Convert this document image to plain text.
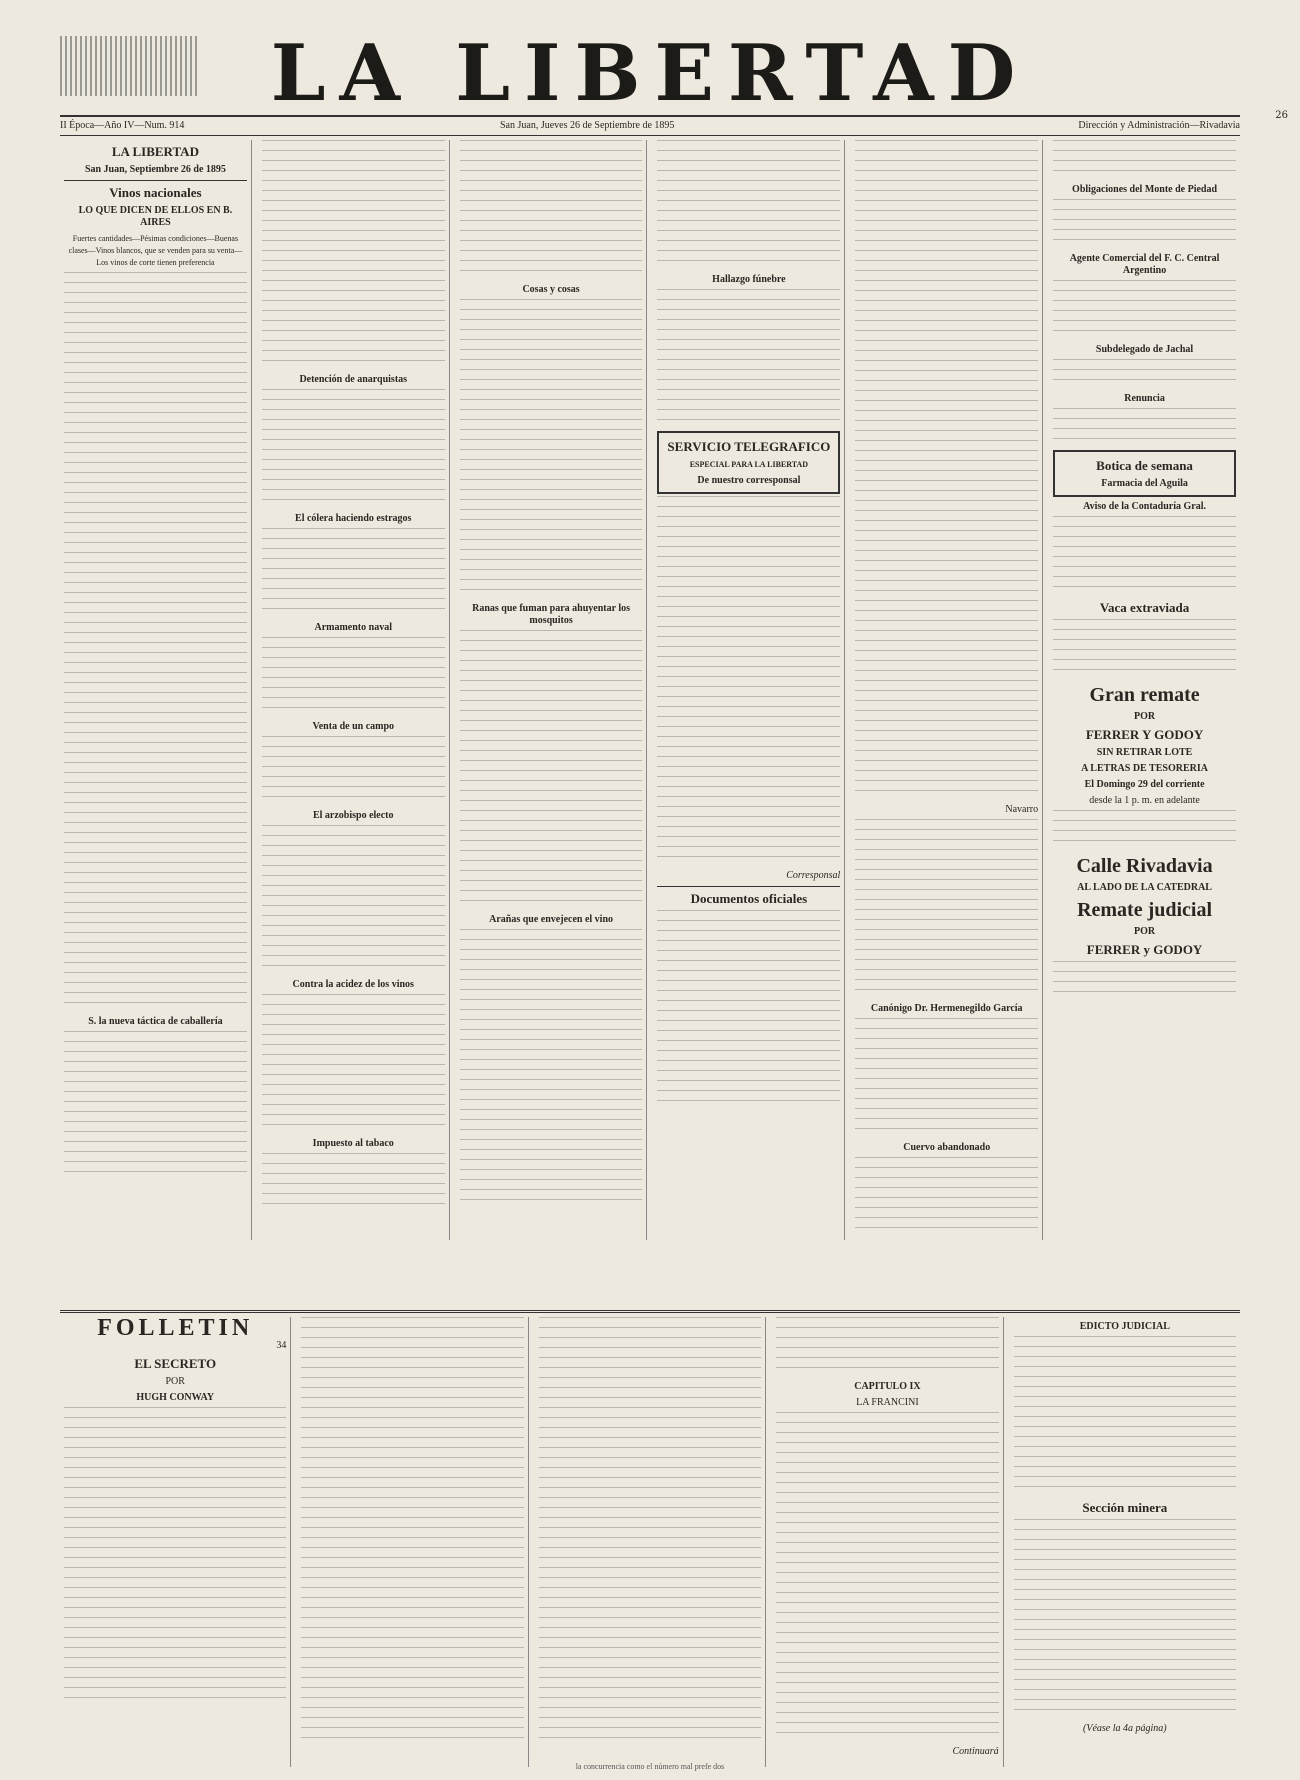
LA LIBERTAD	26
II Época—Año IV—Num. 914	San Juan, Jueves 26 de Septiembre de 1895	Dirección y Administración—Rivadavia
LA LIBERTAD
San Juan, Septiembre 26 de 1895
Vinos nacionales
LO QUE DICEN DE ELLOS EN B. AIRES
Fuertes cantidades—Pésimas condiciones—Buenas clases—Vinos blancos, que se venden para su venta—Los vinos de corte tienen preferencia
S. la nueva táctica de caballería
Detención de anarquistas
El cólera haciendo estragos
Armamento naval
Venta de un campo
El arzobispo electo
Contra la acidez de los vinos
Impuesto al tabaco
Cosas y cosas
Ranas que fuman para ahuyentar los mosquitos
Arañas que envejecen el vino
Hallazgo fúnebre
SERVICIO TELEGRAFICO
ESPECIAL PARA LA LIBERTAD
De nuestro corresponsal
Corresponsal
Documentos oficiales
Navarro
Canónigo Dr. Hermenegildo García
Cuervo abandonado
Obligaciones del Monte de Piedad
Agente Comercial del F. C. Central Argentino
Subdelegado de Jachal
Renuncia
Botica de semana
Farmacia del Aguila
Aviso de la Contaduría Gral.
Vaca extraviada
Gran remate
POR
FERRER Y GODOY
SIN RETIRAR LOTE
A LETRAS DE TESORERIA
El Domingo 29 del corriente
desde la 1 p. m. en adelante
Calle Rivadavia
AL LADO DE LA CATEDRAL
Remate judicial
POR
FERRER y GODOY
FOLLETIN
34
EL SECRETO
POR
HUGH CONWAY
CAPITULO IX
LA FRANCINI
Continuará
EDICTO JUDICIAL
Sección minera
(Véase la 4a página)
la concurrencia como el número mal prefe dos
